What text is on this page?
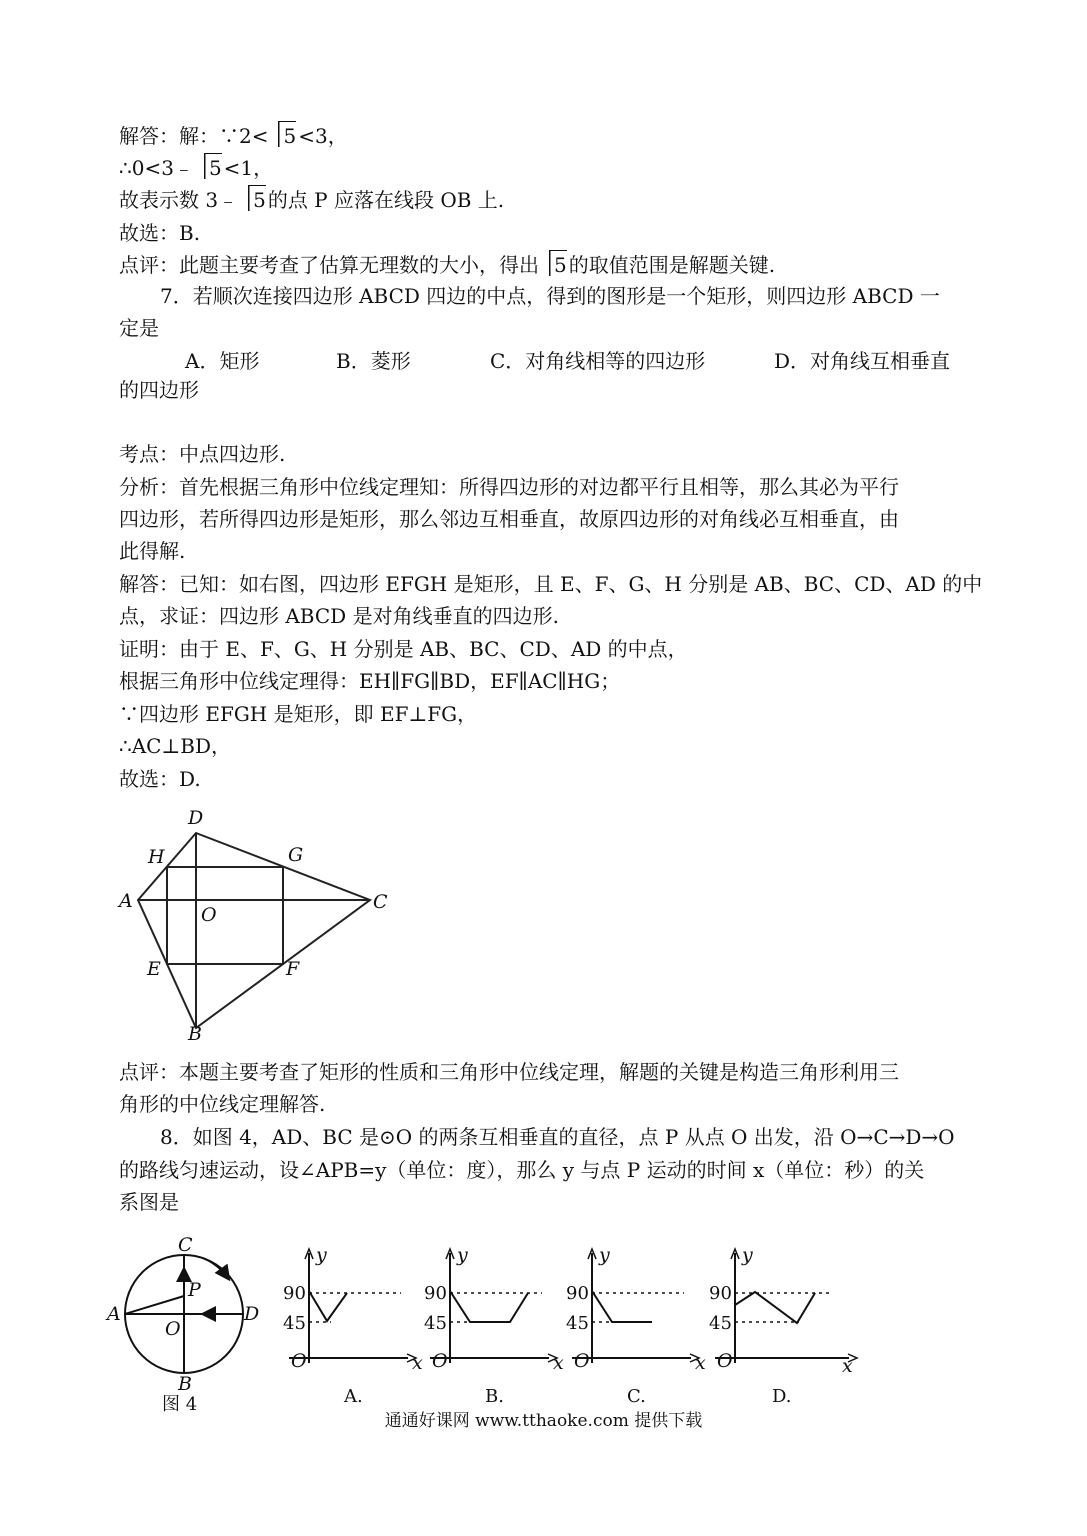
解答：解：∵2< 5 <3，
∴0<3﹣ 5 <1，
故表示数 3﹣ 5 的点 P 应落在线段 OB 上.
故选：B.
点评：此题主要考查了估算无理数的大小，得出 5 的取值范围是解题关键.
7．若顺次连接四边形 ABCD 四边的中点，得到的图形是一个矩形，则四边形 ABCD 一
定是
A．矩形	B．菱形	C．对角线相等的四边形	D．对角线互相垂直
的四边形
考点：中点四边形.
分析：首先根据三角形中位线定理知：所得四边形的对边都平行且相等，那么其必为平行
四边形，若所得四边形是矩形，那么邻边互相垂直，故原四边形的对角线必互相垂直，由
此得解.
解答：已知：如右图，四边形 EFGH 是矩形，且 E、F、G、H 分别是 AB、BC、CD、AD 的中
点，求证：四边形 ABCD 是对角线垂直的四边形.
证明：由于 E、F、G、H 分别是 AB、BC、CD、AD 的中点，
根据三角形中位线定理得：EH∥FG∥BD，EF∥AC∥HG；
∵四边形 EFGH 是矩形，即 EF⊥FG，
∴AC⊥BD，
故选：D.
D
H	G
A	C
O
E	F
B
点评：本题主要考查了矩形的性质和三角形中位线定理，解题的关键是构造三角形利用三
角形的中位线定理解答.
8．如图 4，AD、BC 是⊙O 的两条互相垂直的直径，点 P 从点 O 出发，沿 O→C→D→O
的路线匀速运动，设∠APB=y（单位：度），那么 y 与点 P 运动的时间 x（单位：秒）的关
系图是
C
P
A	D
O
B
图 4
y
90
45
O	x
A.
y
90
45
O	x
B.
y
90
45
O	x
C.
y
90
45
O	x
D.
通通好课网 www.tthaoke.com 提供下载
